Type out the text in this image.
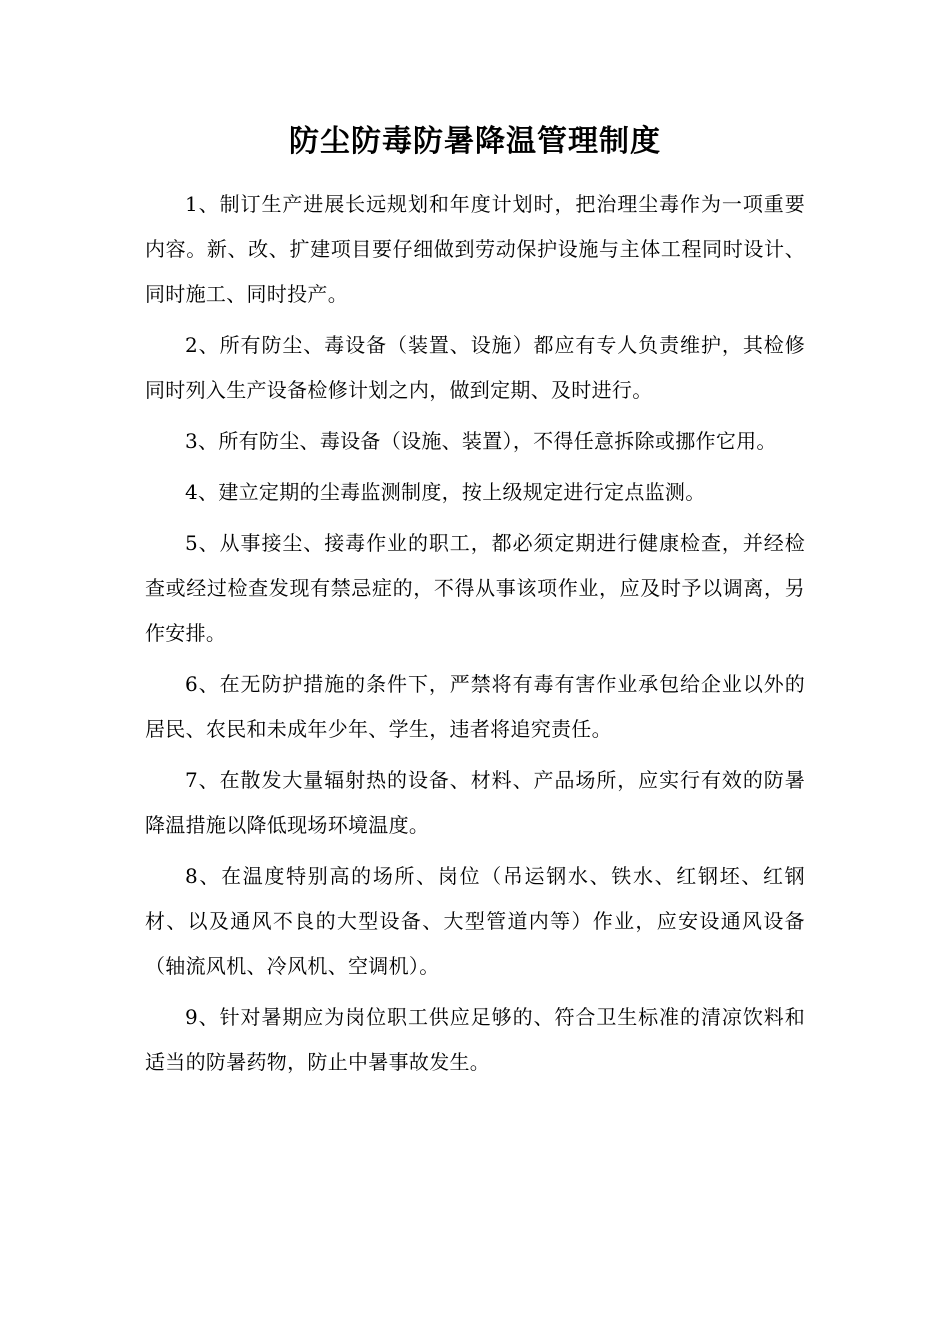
防尘防毒防暑降温管理制度

1、制订生产进展长远规划和年度计划时，把治理尘毒作为一项重要内容。新、改、扩建项目要仔细做到劳动保护设施与主体工程同时设计、同时施工、同时投产。

2、所有防尘、毒设备（装置、设施）都应有专人负责维护，其检修同时列入生产设备检修计划之内，做到定期、及时进行。

3、所有防尘、毒设备（设施、装置），不得任意拆除或挪作它用。

4、建立定期的尘毒监测制度，按上级规定进行定点监测。

5、从事接尘、接毒作业的职工，都必须定期进行健康检查，并经检查或经过检查发现有禁忌症的，不得从事该项作业，应及时予以调离，另作安排。

6、在无防护措施的条件下，严禁将有毒有害作业承包给企业以外的居民、农民和未成年少年、学生，违者将追究责任。

7、在散发大量辐射热的设备、材料、产品场所，应实行有效的防暑降温措施以降低现场环境温度。

8、在温度特别高的场所、岗位（吊运钢水、铁水、红钢坯、红钢材、以及通风不良的大型设备、大型管道内等）作业，应安设通风设备（轴流风机、冷风机、空调机）。

9、针对暑期应为岗位职工供应足够的、符合卫生标准的清凉饮料和适当的防暑药物，防止中暑事故发生。
